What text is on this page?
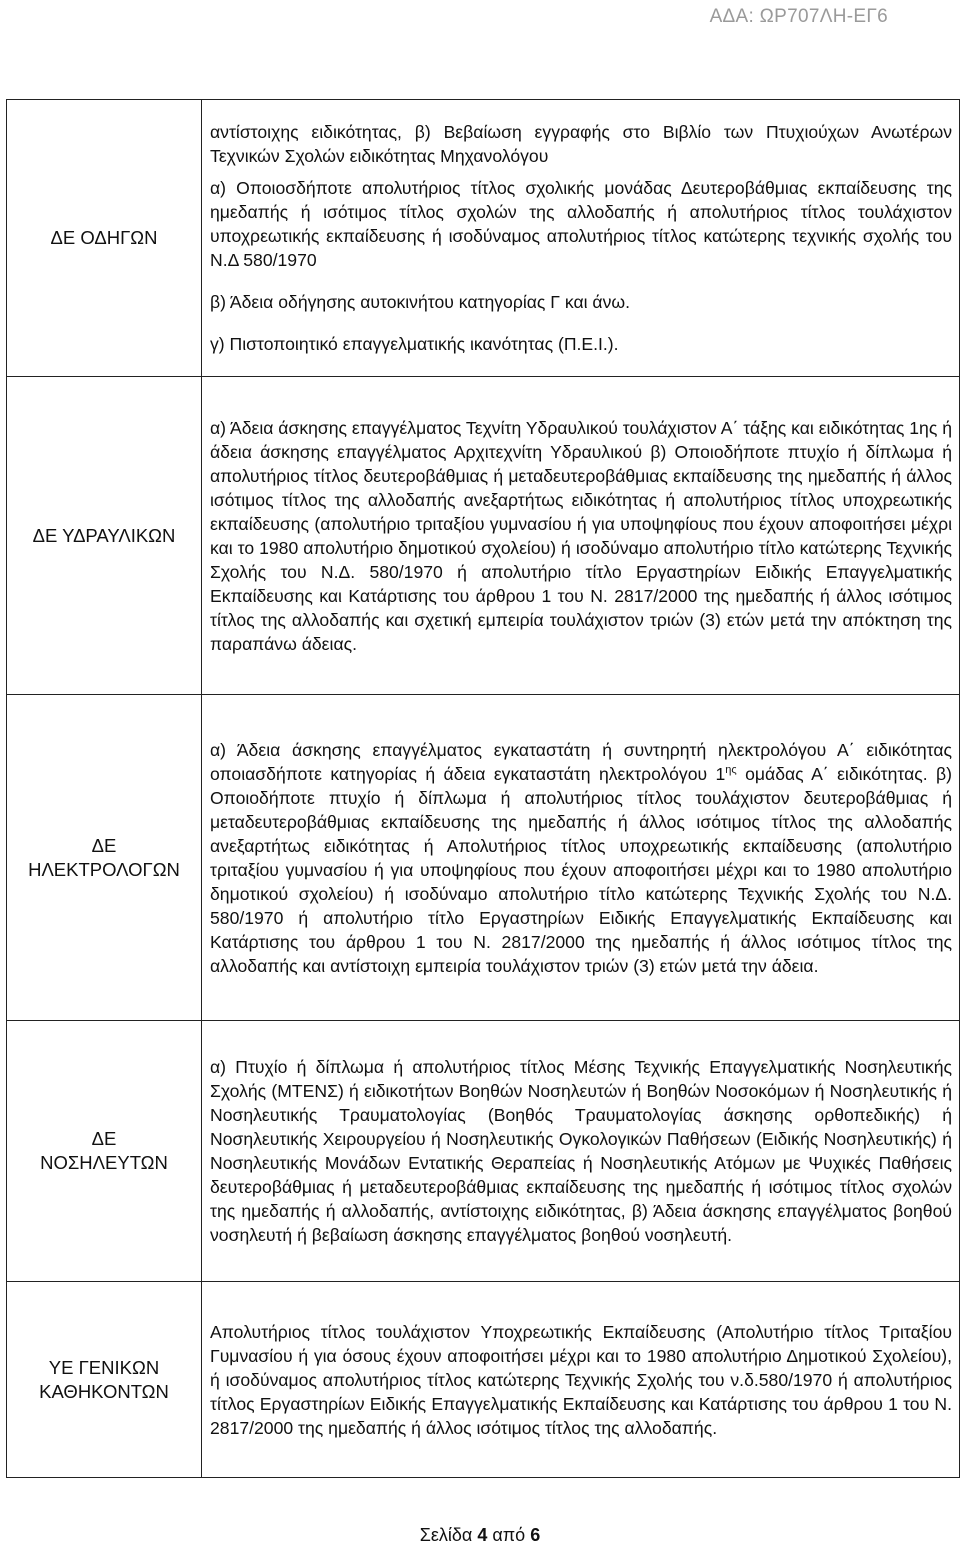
ΑΔΑ: ΩΡ707ΛΗ-ΕΓ6
ΔΕ ΟΔΗΓΩΝ	αντίστοιχης ειδικότητας, β) Βεβαίωση εγγραφής στο Βιβλίο των Πτυχιούχων Ανωτέρων Τεχνικών Σχολών ειδικότητας Μηχανολόγου

α) Οποιοσδήποτε απολυτήριος τίτλος σχολικής μονάδας Δευτεροβάθμιας εκπαίδευσης της ημεδαπής ή ισότιμος τίτλος σχολών της αλλοδαπής ή απολυτήριος τίτλος τουλάχιστον υποχρεωτικής εκπαίδευσης ή ισοδύναμος απολυτήριος τίτλος κατώτερης τεχνικής σχολής του Ν.Δ 580/1970

β) Άδεια οδήγησης αυτοκινήτου κατηγορίας Γ και άνω.

γ) Πιστοποιητικό επαγγελματικής ικανότητας (Π.Ε.Ι.).

ΔΕ ΥΔΡΑΥΛΙΚΩΝ	α) Άδεια άσκησης επαγγέλματος Τεχνίτη Υδραυλικού τουλάχιστον Α΄ τάξης και ειδικότητας 1ης ή άδεια άσκησης επαγγέλματος Αρχιτεχνίτη Υδραυλικού β) Οποιοδήποτε πτυχίο ή δίπλωμα ή απολυτήριος τίτλος δευτεροβάθμιας ή μεταδευτεροβάθμιας εκπαίδευσης της ημεδαπής ή άλλος ισότιμος τίτλος της αλλοδαπής ανεξαρτήτως ειδικότητας ή απολυτήριος τίτλος υποχρεωτικής εκπαίδευσης (απολυτήριο τριταξίου γυμνασίου ή για υποψηφίους που έχουν αποφοιτήσει μέχρι και το 1980 απολυτήριο δημοτικού σχολείου) ή ισοδύναμο απολυτήριο τίτλο κατώτερης Τεχνικής Σχολής του Ν.Δ. 580/1970 ή απολυτήριο τίτλο Εργαστηρίων Ειδικής Επαγγελματικής Εκπαίδευσης και Κατάρτισης του άρθρου 1 του Ν. 2817/2000 της ημεδαπής ή άλλος ισότιμος τίτλος της αλλοδαπής και σχετική εμπειρία τουλάχιστον τριών (3) ετών μετά την απόκτηση της παραπάνω άδειας.

ΔΕ
ΗΛΕΚΤΡΟΛΟΓΩΝ	α) Άδεια άσκησης επαγγέλματος εγκαταστάτη ή συντηρητή ηλεκτρολόγου Α΄ ειδικότητας οποιασδήποτε κατηγορίας ή άδεια εγκαταστάτη ηλεκτρολόγου $1^{\eta\varsigma}$ ομάδας Α΄ ειδικότητας. β) Οποιοδήποτε πτυχίο ή δίπλωμα ή απολυτήριος τίτλος τουλάχιστον δευτεροβάθμιας ή μεταδευτεροβάθμιας εκπαίδευσης της ημεδαπής ή άλλος ισότιμος τίτλος της αλλοδαπής ανεξαρτήτως ειδικότητας ή Απολυτήριος τίτλος υποχρεωτικής εκπαίδευσης (απολυτήριο τριταξίου γυμνασίου ή για υποψηφίους που έχουν αποφοιτήσει μέχρι και το 1980 απολυτήριο δημοτικού σχολείου) ή ισοδύναμο απολυτήριο τίτλο κατώτερης Τεχνικής Σχολής του Ν.Δ. 580/1970 ή απολυτήριο τίτλο Εργαστηρίων Ειδικής Επαγγελματικής Εκπαίδευσης και Κατάρτισης του άρθρου 1 του Ν. 2817/2000 της ημεδαπής ή άλλος ισότιμος τίτλος της αλλοδαπής και αντίστοιχη εμπειρία τουλάχιστον τριών (3) ετών μετά την άδεια.

ΔΕ
ΝΟΣΗΛΕΥΤΩΝ	α) Πτυχίο ή δίπλωμα ή απολυτήριος τίτλος Μέσης Τεχνικής Επαγγελματικής Νοσηλευτικής Σχολής (ΜΤΕΝΣ) ή ειδικοτήτων Βοηθών Νοσηλευτών ή Βοηθών Νοσοκόμων ή Νοσηλευτικής ή Νοσηλευτικής Τραυματολογίας (Βοηθός Τραυματολογίας άσκησης ορθοπεδικής) ή Νοσηλευτικής Χειρουργείου ή Νοσηλευτικής Ογκολογικών Παθήσεων (Ειδικής Νοσηλευτικής) ή Νοσηλευτικής Μονάδων Εντατικής Θεραπείας ή Νοσηλευτικής Ατόμων με Ψυχικές Παθήσεις δευτεροβάθμιας ή μεταδευτεροβάθμιας εκπαίδευσης της ημεδαπής ή ισότιμος τίτλος σχολών της ημεδαπής ή αλλοδαπής, αντίστοιχης ειδικότητας, β) Άδεια άσκησης επαγγέλματος βοηθού νοσηλευτή ή βεβαίωση άσκησης επαγγέλματος βοηθού νοσηλευτή.

ΥΕ ΓΕΝΙΚΩΝ
ΚΑΘΗΚΟΝΤΩΝ	Απολυτήριος τίτλος τουλάχιστον Υποχρεωτικής Εκπαίδευσης (Απολυτήριο τίτλος Τριταξίου Γυμνασίου ή για όσους έχουν αποφοιτήσει μέχρι και το 1980 απολυτήριο Δημοτικού Σχολείου), ή ισοδύναμος απολυτήριος τίτλος κατώτερης Τεχνικής Σχολής του ν.δ.580/1970 ή απολυτήριος τίτλος Εργαστηρίων Ειδικής Επαγγελματικής Εκπαίδευσης και Κατάρτισης του άρθρου 1 του Ν. 2817/2000 της ημεδαπής ή άλλος ισότιμος τίτλος της αλλοδαπής.

Σελίδα 4 από 6
